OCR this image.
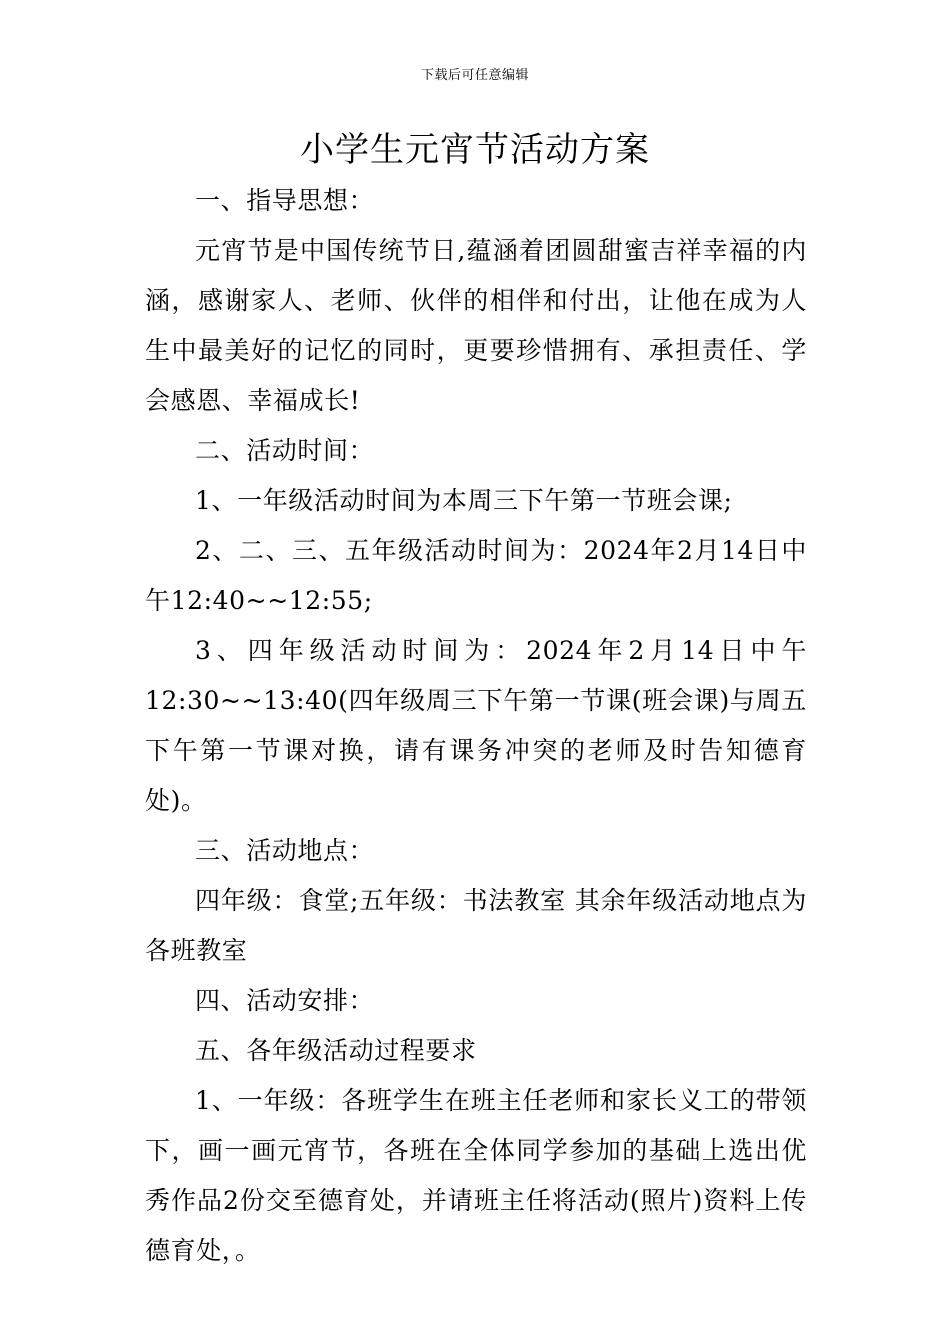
下载后可任意编辑
小学生元宵节活动方案

一、指导思想：

元宵节是中国传统节日,蕴涵着团圆甜蜜吉祥幸福的内涵，感谢家人、老师、伙伴的相伴和付出，让他在成为人生中最美好的记忆的同时，更要珍惜拥有、承担责任、学会感恩、幸福成长!

二、活动时间：

1、一年级活动时间为本周三下午第一节班会课;

2、二、三、五年级活动时间为：2024年2月14日中午12:40~~12:55;

3、四年级活动时间为：2024年2月14日中午12:30~~13:40(四年级周三下午第一节课(班会课)与周五下午第一节课对换，请有课务冲突的老师及时告知德育处)。

三、活动地点：

四年级：食堂;五年级：书法教室 其余年级活动地点为各班教室

四、活动安排：

五、各年级活动过程要求

1、一年级：各班学生在班主任老师和家长义工的带领下，画一画元宵节，各班在全体同学参加的基础上选出优秀作品2份交至德育处，并请班主任将活动(照片)资料上传德育处，。
